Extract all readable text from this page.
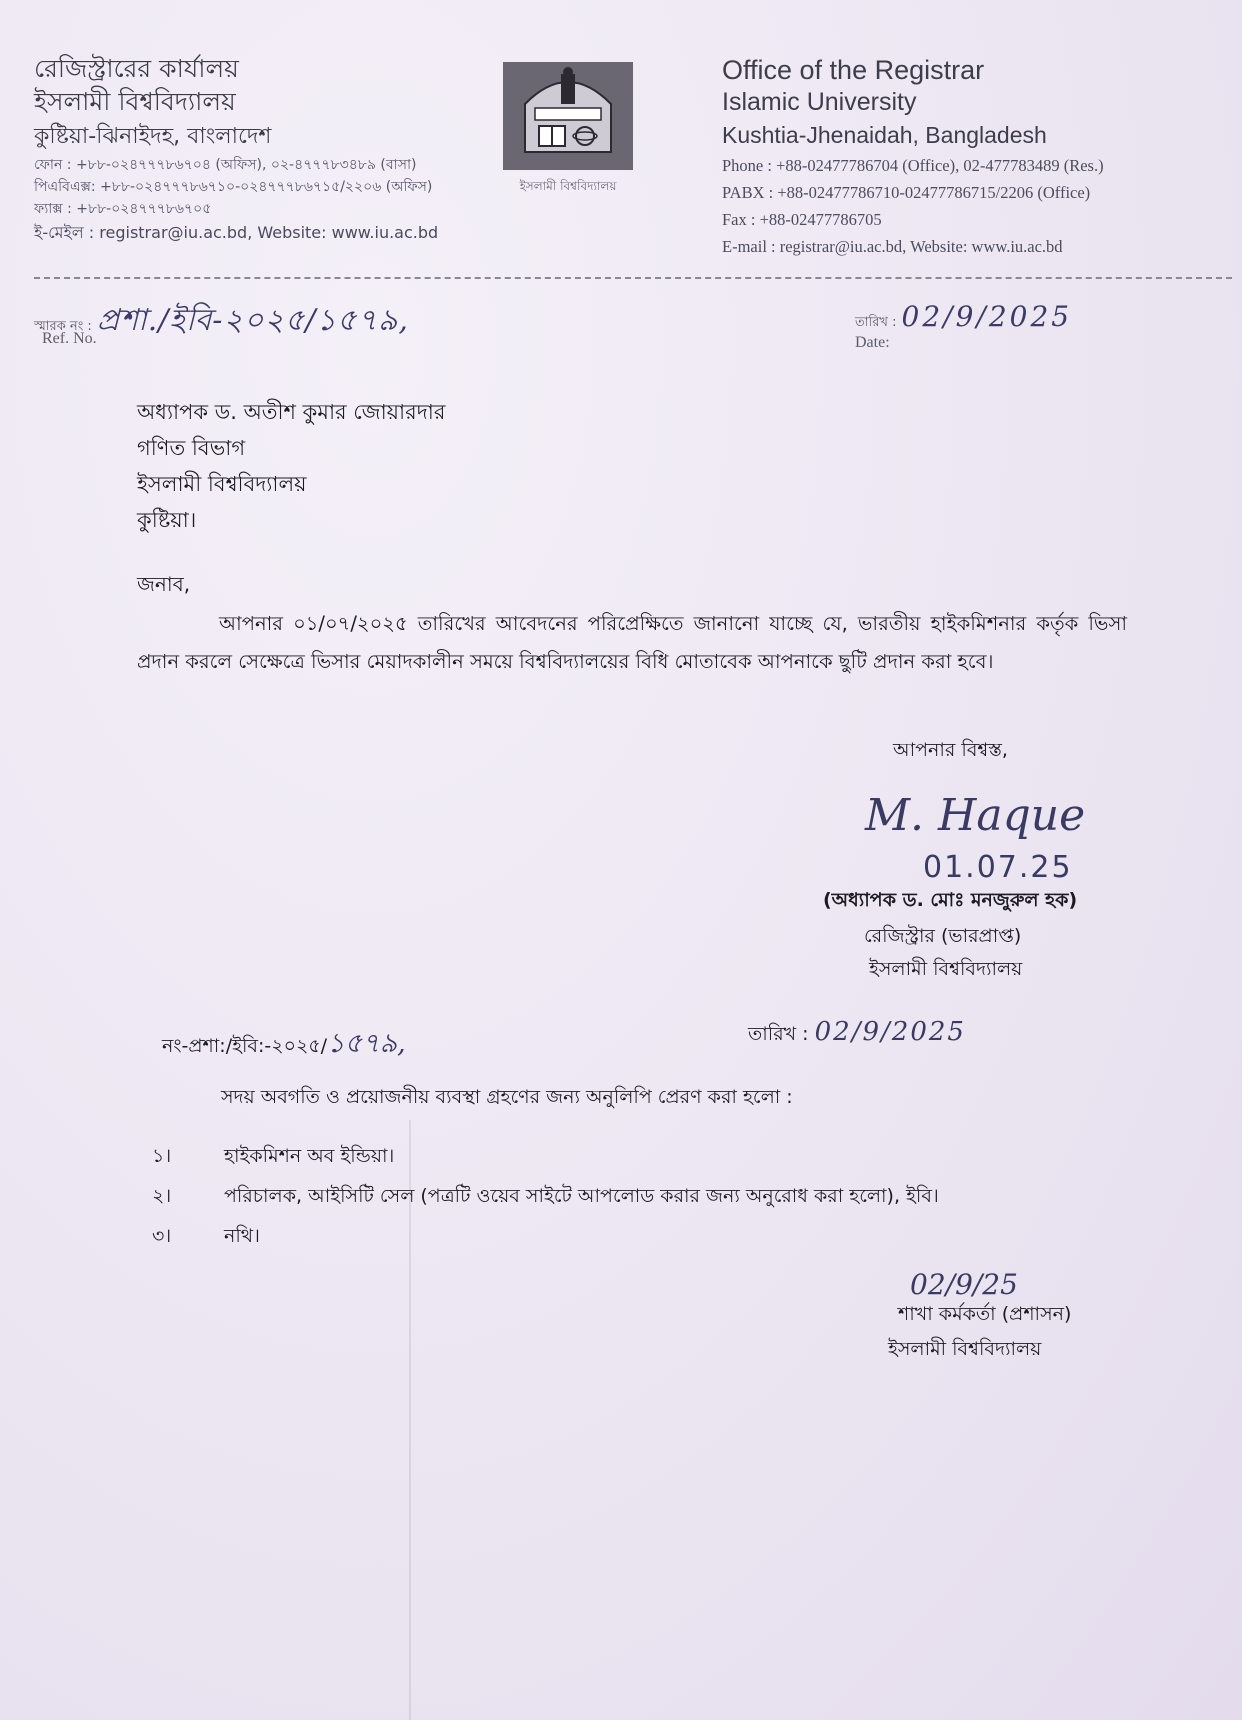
রেজিস্ট্রারের কার্যালয়
ইসলামী বিশ্ববিদ্যালয়
কুষ্টিয়া-ঝিনাইদহ, বাংলাদেশ
ফোন : +৮৮-০২৪৭৭৭৮৬৭০৪ (অফিস), ০২-৪৭৭৭৮৩৪৮৯ (বাসা)
পিএবিএক্স: +৮৮-০২৪৭৭৭৮৬৭১০-০২৪৭৭৭৮৬৭১৫/২২০৬ (অফিস)
ফ্যাক্স : +৮৮-০২৪৭৭৭৮৬৭০৫
ই-মেইল : registrar@iu.ac.bd, Website: www.iu.ac.bd
ইসলামী বিশ্ববিদ্যালয়
Office of the Registrar
Islamic University
Kushtia-Jhenaidah, Bangladesh
Phone : +88-02477786704 (Office), 02-477783489 (Res.)
PABX : +88-02477786710-02477786715/2206 (Office)
Fax : +88-02477786705
E-mail : registrar@iu.ac.bd, Website: www.iu.ac.bd
স্মারক নং : প্রশা./ইবি-২০২৫/১৫৭৯,
Ref. No.
তারিখ : 02/9/2025
Date:
অধ্যাপক ড. অতীশ কুমার জোয়ারদার
গণিত বিভাগ
ইসলামী বিশ্ববিদ্যালয়
কুষ্টিয়া।
জনাব,
আপনার ০১/০৭/২০২৫ তারিখের আবেদনের পরিপ্রেক্ষিতে জানানো যাচ্ছে যে, ভারতীয় হাইকমিশনার কর্তৃক ভিসা প্রদান করলে সেক্ষেত্রে ভিসার মেয়াদকালীন সময়ে বিশ্ববিদ্যালয়ের বিধি মোতাবেক আপনাকে ছুটি প্রদান করা হবে।
আপনার বিশ্বস্ত,
M. Haque
01.07.25
(অধ্যাপক ড. মোঃ মনজুরুল হক)
রেজিস্ট্রার (ভারপ্রাপ্ত)
ইসলামী বিশ্ববিদ্যালয়
নং-প্রশা:/ইবি:-২০২৫/১৫৭৯,	তারিখ : 02/9/2025
সদয় অবগতি ও প্রয়োজনীয় ব্যবস্থা গ্রহণের জন্য অনুলিপি প্রেরণ করা হলো :
১।	হাইকমিশন অব ইন্ডিয়া।
২।	পরিচালক, আইসিটি সেল (পত্রটি ওয়েব সাইটে আপলোড করার জন্য অনুরোধ করা হলো), ইবি।
৩।	নথি।
02/9/25
শাখা কর্মকর্তা (প্রশাসন)
ইসলামী বিশ্ববিদ্যালয়
